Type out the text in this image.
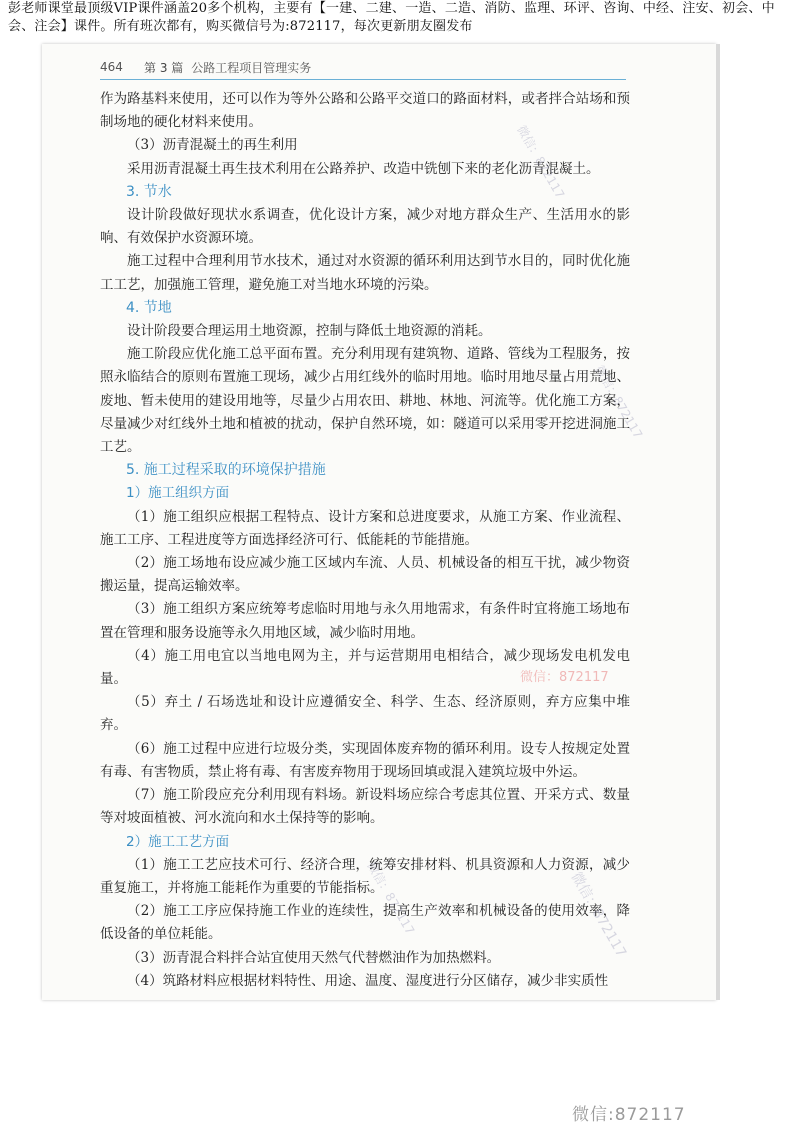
彭老师课堂最顶级VIP课件涵盖20多个机构，主要有【一建、二建、一造、二造、消防、监理、环评、咨询、中经、注安、初会、中会、注会】课件。所有班次都有，购买微信号为:872117，每次更新朋友圈发布
464	第 3 篇 公路工程项目管理实务

作为路基料来使用，还可以作为等外公路和公路平交道口的路面材料，或者拌合站场和预制场地的硬化材料来使用。

（3）沥青混凝土的再生利用

采用沥青混凝土再生技术利用在公路养护、改造中铣刨下来的老化沥青混凝土。

3. 节水

设计阶段做好现状水系调查，优化设计方案，减少对地方群众生产、生活用水的影响、有效保护水资源环境。

施工过程中合理利用节水技术，通过对水资源的循环利用达到节水目的，同时优化施工工艺，加强施工管理，避免施工对当地水环境的污染。

4. 节地

设计阶段要合理运用土地资源，控制与降低土地资源的消耗。

施工阶段应优化施工总平面布置。充分利用现有建筑物、道路、管线为工程服务，按照永临结合的原则布置施工现场，减少占用红线外的临时用地。临时用地尽量占用荒地、废地、暂未使用的建设用地等，尽量少占用农田、耕地、林地、河流等。优化施工方案，尽量减少对红线外土地和植被的扰动，保护自然环境，如：隧道可以采用零开挖进洞施工工艺。

5. 施工过程采取的环境保护措施

1）施工组织方面

（1）施工组织应根据工程特点、设计方案和总进度要求，从施工方案、作业流程、施工工序、工程进度等方面选择经济可行、低能耗的节能措施。

（2）施工场地布设应减少施工区域内车流、人员、机械设备的相互干扰，减少物资搬运量，提高运输效率。

（3）施工组织方案应统筹考虑临时用地与永久用地需求，有条件时宜将施工场地布置在管理和服务设施等永久用地区域，减少临时用地。

（4）施工用电宜以当地电网为主，并与运营期用电相结合，减少现场发电机发电量。

（5）弃土 / 石场选址和设计应遵循安全、科学、生态、经济原则，弃方应集中堆弃。

（6）施工过程中应进行垃圾分类，实现固体废弃物的循环利用。设专人按规定处置有毒、有害物质，禁止将有毒、有害废弃物用于现场回填或混入建筑垃圾中外运。

（7）施工阶段应充分利用现有料场。新设料场应综合考虑其位置、开采方式、数量等对坡面植被、河水流向和水土保持等的影响。

2）施工工艺方面

（1）施工工艺应技术可行、经济合理，统筹安排材料、机具资源和人力资源，减少重复施工，并将施工能耗作为重要的节能指标。

（2）施工工序应保持施工作业的连续性，提高生产效率和机械设备的使用效率，降低设备的单位耗能。

（3）沥青混合料拌合站宜使用天然气代替燃油作为加热燃料。

（4）筑路材料应根据材料特性、用途、温度、湿度进行分区储存，减少非实质性

微信：872117
微信：872117
微信：872117	微信：872117
微信：872117
微信:872117
